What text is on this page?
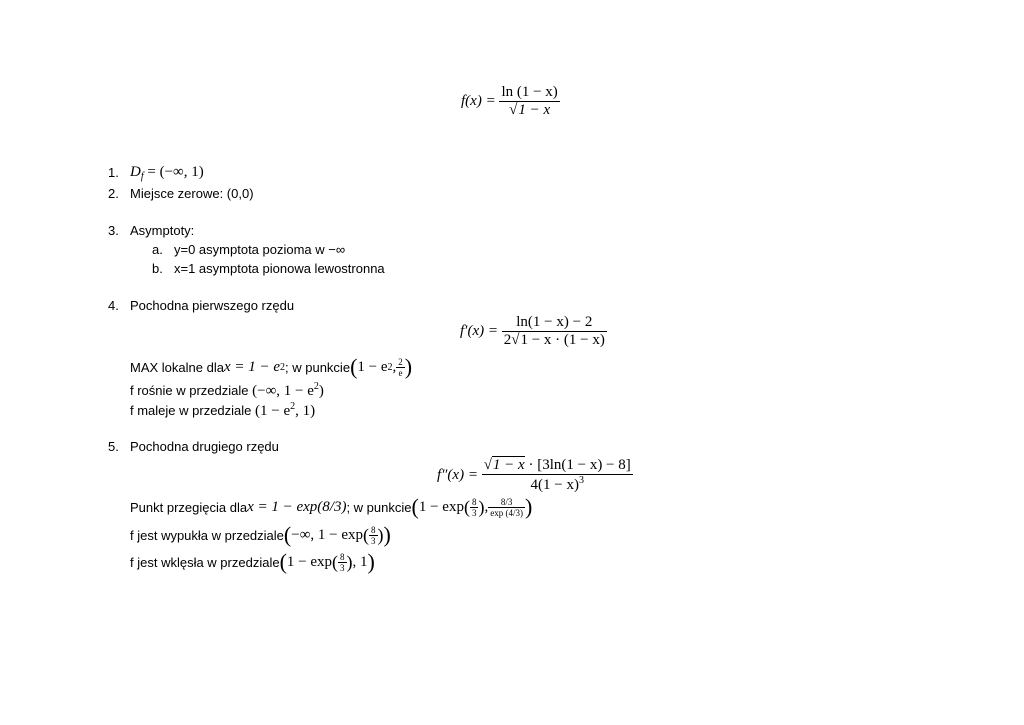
f(x) =
$\frac{\ln (1 - x)}{√1 - x}$
1. $D_f$ = (−∞, 1)
2. Miejsce zerowe: (0,0)
3. Asymptoty:
a. y=0 asymptota pozioma w −∞
b. x=1 asymptota pionowa lewostronna
4. Pochodna pierwszego rzędu
f′(x) =
$\frac{\ln(1 - x) - 2}{2√1 - x \cdot (1 - x)}$
MAX lokalne dla x = 1 − e 2 ; w punkcie ( 1 − e 2 , $\frac{2}{e}$ )
f rośnie w przedziale (−∞, $1 - e^2$)
f maleje w przedziale ($1 - e^2$, 1)
5. Pochodna drugiego rzędu
f″(x) =
$\frac{√1 - x \cdot [3\ln(1 - x) - 8]}{4(1 - x)^3}$
Punkt przegięcia dla x = 1 − exp(8/3) ; w punkcie ( 1 − exp ( $\frac{8}{3}$ ) , $\frac{8/3}{\exp (4/3)}$ )
f jest wypukła w przedziale ( −∞, 1 − exp ( $\frac{8}{3}$ ) )
f jest wklęsła w przedziale ( 1 − exp ( $\frac{8}{3}$ ) , 1 )
